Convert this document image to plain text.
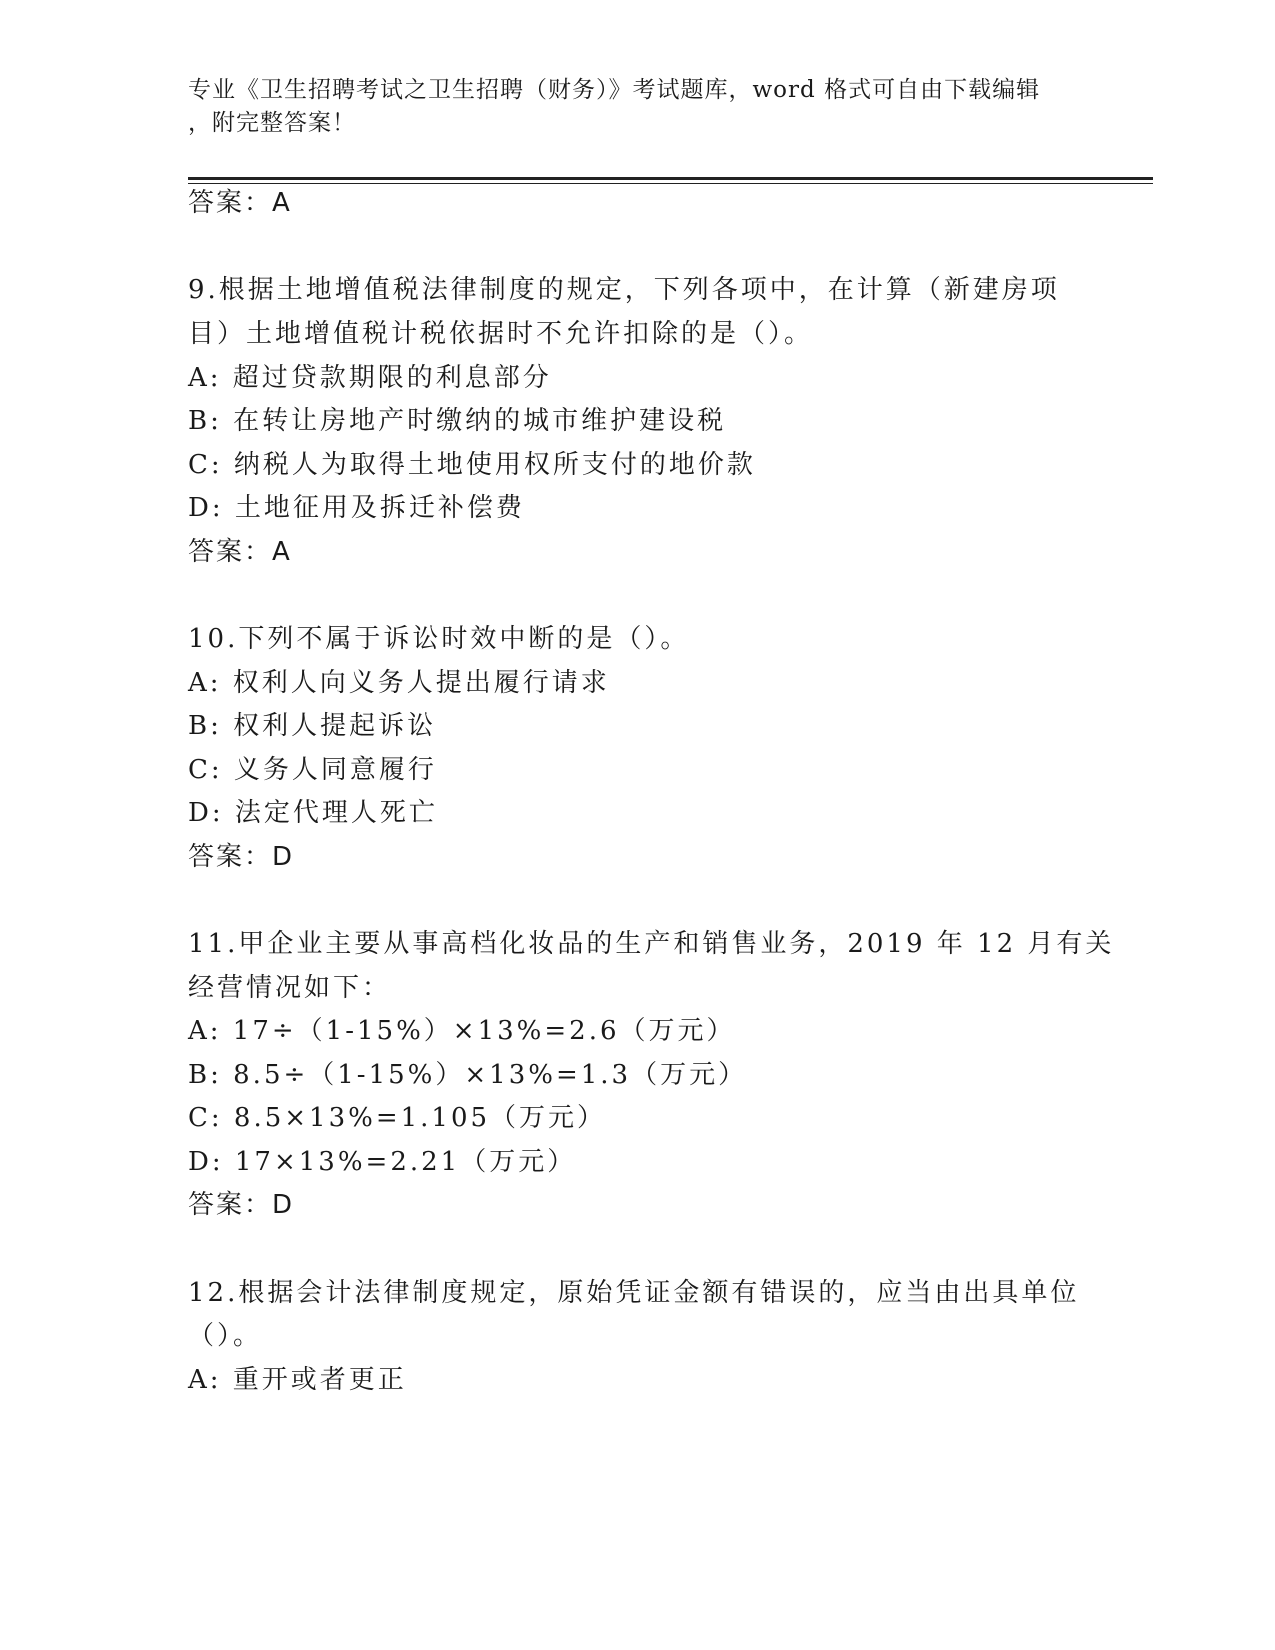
专业《卫生招聘考试之卫生招聘（财务）》考试题库，word 格式可自由下载编辑
，附完整答案！
答案：A
9.根据土地增值税法律制度的规定，下列各项中，在计算（新建房项
目）土地增值税计税依据时不允许扣除的是（）。
A: 超过贷款期限的利息部分
B: 在转让房地产时缴纳的城市维护建设税
C: 纳税人为取得土地使用权所支付的地价款
D: 土地征用及拆迁补偿费
答案：A
10.下列不属于诉讼时效中断的是（）。
A: 权利人向义务人提出履行请求
B: 权利人提起诉讼
C: 义务人同意履行
D: 法定代理人死亡
答案：D
11.甲企业主要从事高档化妆品的生产和销售业务，2019 年 12 月有关
经营情况如下：
A: 17÷（1-15%）×13%=2.6（万元）
B: 8.5÷（1-15%）×13%=1.3（万元）
C: 8.5×13%=1.105（万元）
D: 17×13%=2.21（万元）
答案：D
12.根据会计法律制度规定，原始凭证金额有错误的，应当由出具单位
（）。
A: 重开或者更正
